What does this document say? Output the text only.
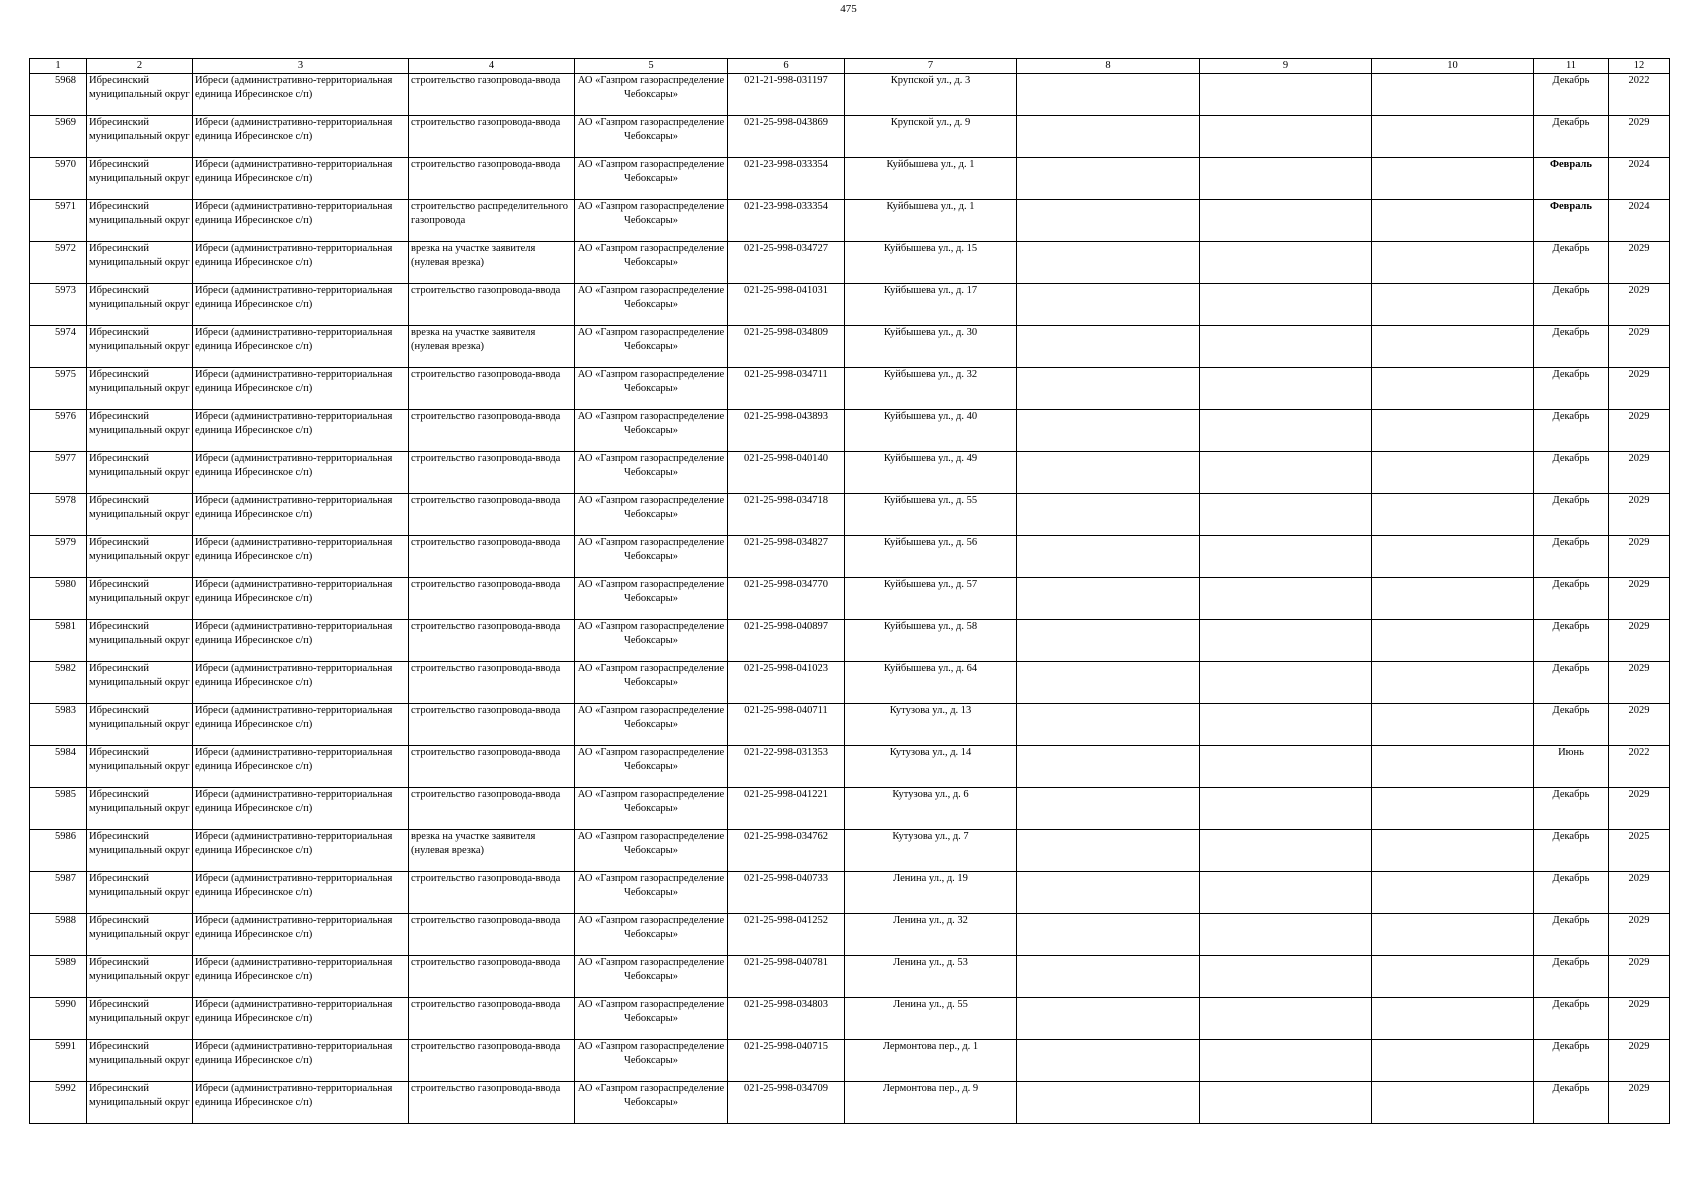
475
1	2	3	4	5	6	7	8	9	10	11	12

5968	Ибресинский муниципальный округ	Ибреси (административно-территориальная единица Ибресинское с/п)	строительство газопровода-ввода	АО «Газпром газораспределение Чебоксары»	021-21-998-031197	Крупской ул., д. 3				Декабрь	2022

5969	Ибресинский муниципальный округ	Ибреси (административно-территориальная единица Ибресинское с/п)	строительство газопровода-ввода	АО «Газпром газораспределение Чебоксары»	021-25-998-043869	Крупской ул., д. 9				Декабрь	2029

5970	Ибресинский муниципальный округ	Ибреси (административно-территориальная единица Ибресинское с/п)	строительство газопровода-ввода	АО «Газпром газораспределение Чебоксары»	021-23-998-033354	Куйбышева ул., д. 1				Февраль	2024

5971	Ибресинский муниципальный округ	Ибреси (административно-территориальная единица Ибресинское с/п)	строительство распределительного газопровода	АО «Газпром газораспределение Чебоксары»	021-23-998-033354	Куйбышева ул., д. 1				Февраль	2024

5972	Ибресинский муниципальный округ	Ибреси (административно-территориальная единица Ибресинское с/п)	врезка на участке заявителя (нулевая врезка)	АО «Газпром газораспределение Чебоксары»	021-25-998-034727	Куйбышева ул., д. 15				Декабрь	2029

5973	Ибресинский муниципальный округ	Ибреси (административно-территориальная единица Ибресинское с/п)	строительство газопровода-ввода	АО «Газпром газораспределение Чебоксары»	021-25-998-041031	Куйбышева ул., д. 17				Декабрь	2029

5974	Ибресинский муниципальный округ	Ибреси (административно-территориальная единица Ибресинское с/п)	врезка на участке заявителя (нулевая врезка)	АО «Газпром газораспределение Чебоксары»	021-25-998-034809	Куйбышева ул., д. 30				Декабрь	2029

5975	Ибресинский муниципальный округ	Ибреси (административно-территориальная единица Ибресинское с/п)	строительство газопровода-ввода	АО «Газпром газораспределение Чебоксары»	021-25-998-034711	Куйбышева ул., д. 32				Декабрь	2029

5976	Ибресинский муниципальный округ	Ибреси (административно-территориальная единица Ибресинское с/п)	строительство газопровода-ввода	АО «Газпром газораспределение Чебоксары»	021-25-998-043893	Куйбышева ул., д. 40				Декабрь	2029

5977	Ибресинский муниципальный округ	Ибреси (административно-территориальная единица Ибресинское с/п)	строительство газопровода-ввода	АО «Газпром газораспределение Чебоксары»	021-25-998-040140	Куйбышева ул., д. 49				Декабрь	2029

5978	Ибресинский муниципальный округ	Ибреси (административно-территориальная единица Ибресинское с/п)	строительство газопровода-ввода	АО «Газпром газораспределение Чебоксары»	021-25-998-034718	Куйбышева ул., д. 55				Декабрь	2029

5979	Ибресинский муниципальный округ	Ибреси (административно-территориальная единица Ибресинское с/п)	строительство газопровода-ввода	АО «Газпром газораспределение Чебоксары»	021-25-998-034827	Куйбышева ул., д. 56				Декабрь	2029

5980	Ибресинский муниципальный округ	Ибреси (административно-территориальная единица Ибресинское с/п)	строительство газопровода-ввода	АО «Газпром газораспределение Чебоксары»	021-25-998-034770	Куйбышева ул., д. 57				Декабрь	2029

5981	Ибресинский муниципальный округ	Ибреси (административно-территориальная единица Ибресинское с/п)	строительство газопровода-ввода	АО «Газпром газораспределение Чебоксары»	021-25-998-040897	Куйбышева ул., д. 58				Декабрь	2029

5982	Ибресинский муниципальный округ	Ибреси (административно-территориальная единица Ибресинское с/п)	строительство газопровода-ввода	АО «Газпром газораспределение Чебоксары»	021-25-998-041023	Куйбышева ул., д. 64				Декабрь	2029

5983	Ибресинский муниципальный округ	Ибреси (административно-территориальная единица Ибресинское с/п)	строительство газопровода-ввода	АО «Газпром газораспределение Чебоксары»	021-25-998-040711	Кутузова ул., д. 13				Декабрь	2029

5984	Ибресинский муниципальный округ	Ибреси (административно-территориальная единица Ибресинское с/п)	строительство газопровода-ввода	АО «Газпром газораспределение Чебоксары»	021-22-998-031353	Кутузова ул., д. 14				Июнь	2022

5985	Ибресинский муниципальный округ	Ибреси (административно-территориальная единица Ибресинское с/п)	строительство газопровода-ввода	АО «Газпром газораспределение Чебоксары»	021-25-998-041221	Кутузова ул., д. 6				Декабрь	2029

5986	Ибресинский муниципальный округ	Ибреси (административно-территориальная единица Ибресинское с/п)	врезка на участке заявителя (нулевая врезка)	АО «Газпром газораспределение Чебоксары»	021-25-998-034762	Кутузова ул., д. 7				Декабрь	2025

5987	Ибресинский муниципальный округ	Ибреси (административно-территориальная единица Ибресинское с/п)	строительство газопровода-ввода	АО «Газпром газораспределение Чебоксары»	021-25-998-040733	Ленина ул., д. 19				Декабрь	2029

5988	Ибресинский муниципальный округ	Ибреси (административно-территориальная единица Ибресинское с/п)	строительство газопровода-ввода	АО «Газпром газораспределение Чебоксары»	021-25-998-041252	Ленина ул., д. 32				Декабрь	2029

5989	Ибресинский муниципальный округ	Ибреси (административно-территориальная единица Ибресинское с/п)	строительство газопровода-ввода	АО «Газпром газораспределение Чебоксары»	021-25-998-040781	Ленина ул., д. 53				Декабрь	2029

5990	Ибресинский муниципальный округ	Ибреси (административно-территориальная единица Ибресинское с/п)	строительство газопровода-ввода	АО «Газпром газораспределение Чебоксары»	021-25-998-034803	Ленина ул., д. 55				Декабрь	2029

5991	Ибресинский муниципальный округ	Ибреси (административно-территориальная единица Ибресинское с/п)	строительство газопровода-ввода	АО «Газпром газораспределение Чебоксары»	021-25-998-040715	Лермонтова пер., д. 1				Декабрь	2029

5992	Ибресинский муниципальный округ	Ибреси (административно-территориальная единица Ибресинское с/п)	строительство газопровода-ввода	АО «Газпром газораспределение Чебоксары»	021-25-998-034709	Лермонтова пер., д. 9				Декабрь	2029
